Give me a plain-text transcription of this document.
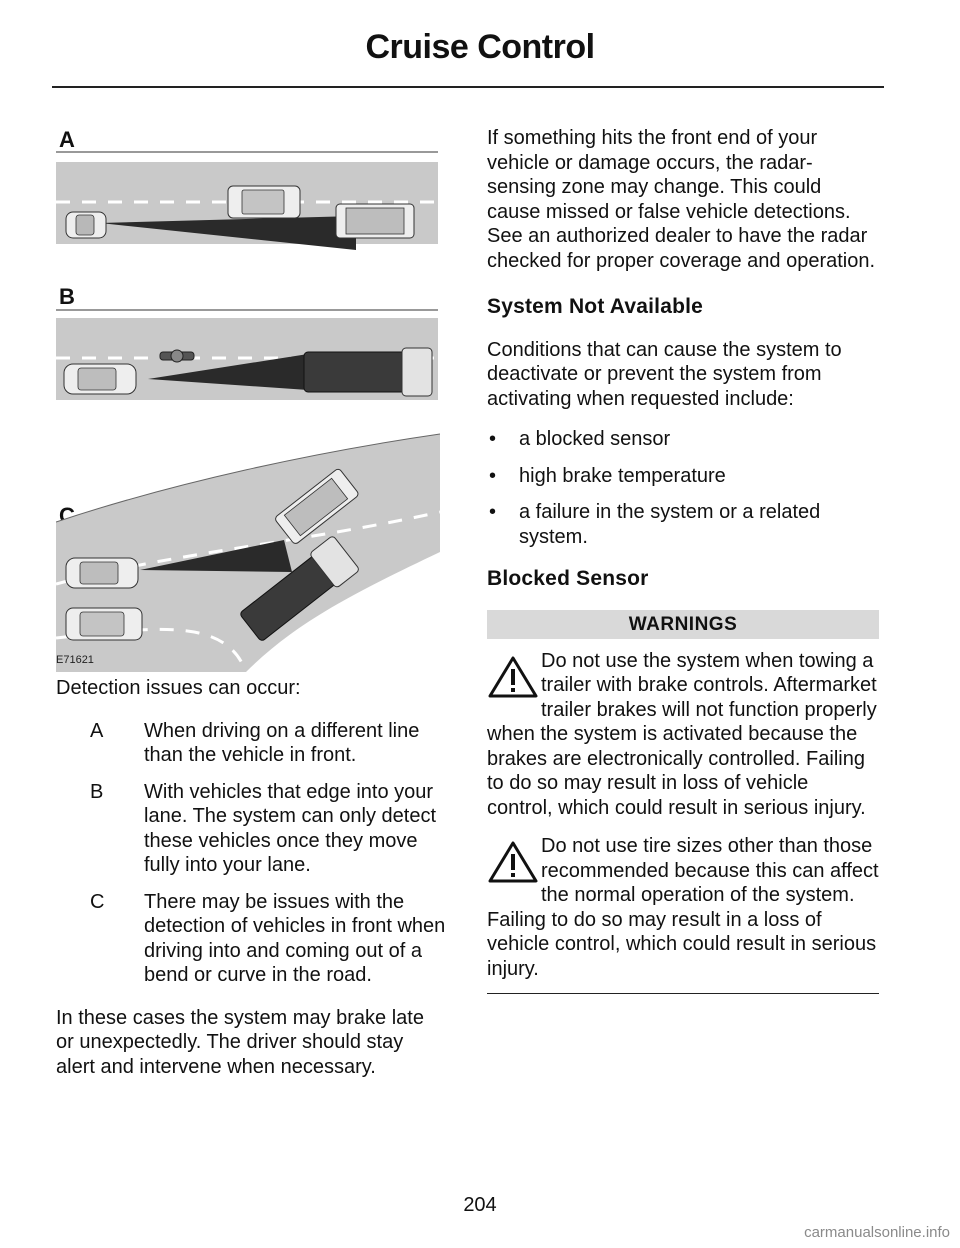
Cruise Control
A
B
C
E71621

Detection issues can occur:

A When driving on a different line than the vehicle in front.
B With vehicles that edge into your lane. The system can only detect these vehicles once they move fully into your lane.
C There may be issues with the detection of vehicles in front when driving into and coming out of a bend or curve in the road.

In these cases the system may brake late or unexpectedly. The driver should stay alert and intervene when necessary.

If something hits the front end of your vehicle or damage occurs, the radar-sensing zone may change. This could cause missed or false vehicle detections. See an authorized dealer to have the radar checked for proper coverage and operation.

System Not Available

Conditions that can cause the system to deactivate or prevent the system from activating when requested include:

• a blocked sensor
• high brake temperature
• a failure in the system or a related system.
Blocked Sensor
WARNINGS

Do not use the system when towing a trailer with brake controls. Aftermarket trailer brakes will not function properly when the system is activated because the brakes are electronically controlled. Failing to do so may result in loss of vehicle control, which could result in serious injury.

Do not use tire sizes other than those recommended because this can affect the normal operation of the system. Failing to do so may result in a loss of vehicle control, which could result in serious injury.

204
carmanualsonline.info
